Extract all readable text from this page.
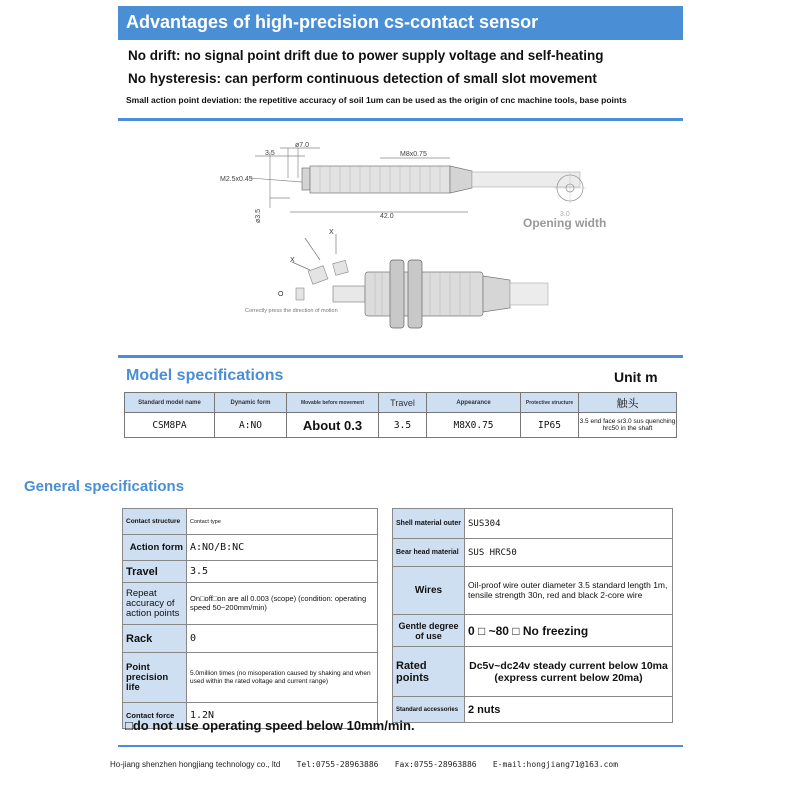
Advantages of high-precision cs-contact sensor
No drift: no signal point drift due to power supply voltage and self-heating
No hysteresis: can perform continuous detection of small slot movement
Small action point deviation: the repetitive accuracy of soil 1um can be used as the origin of cnc machine tools, base points
ø7.0
3.5	M8x0.75
M2.5x0.45
42.0
ø3.5	3.0
X
X
O
Opening width
Correctly press the direction of motion
Model specifications	Unit m
Standard model name	Dynamic form	Movable before movement	Travel	Appearance	Protective structure	触头
CSM8PA	A:NO	About 0.3	3.5	M8X0.75	IP65	3.5 end face sr3.0 sus quenching hrc50 in the shaft
General specifications
Contact structure	Contact type
Action form	A:NO/B:NC
Travel	3.5
Repeat accuracy of action points	On□off□on are all 0.003 (scope) (condition: operating speed 50~200mm/min)
Rack	0
Point precision life	5.0million times (no misoperation caused by shaking and when used within the rated voltage and current range)
Contact force	1.2N
Shell material outer	SUS304
Bear head material	SUS HRC50
Wires	Oil-proof wire outer diameter 3.5 standard length 1m, tensile strength 30n, red and black 2-core wire
Gentle degree of use	0 □ ~80 □ No freezing
Rated points	Dc5v~dc24v steady current below 10ma (express current below 20ma)
Standard accessories	2 nuts
□do not use operating speed below 10mm/min.
Ho-jiang shenzhen hongjiang technology co., ltd Tel:0755-28963886 Fax:0755-28963886 E-mail:hongjiang71@163.com
